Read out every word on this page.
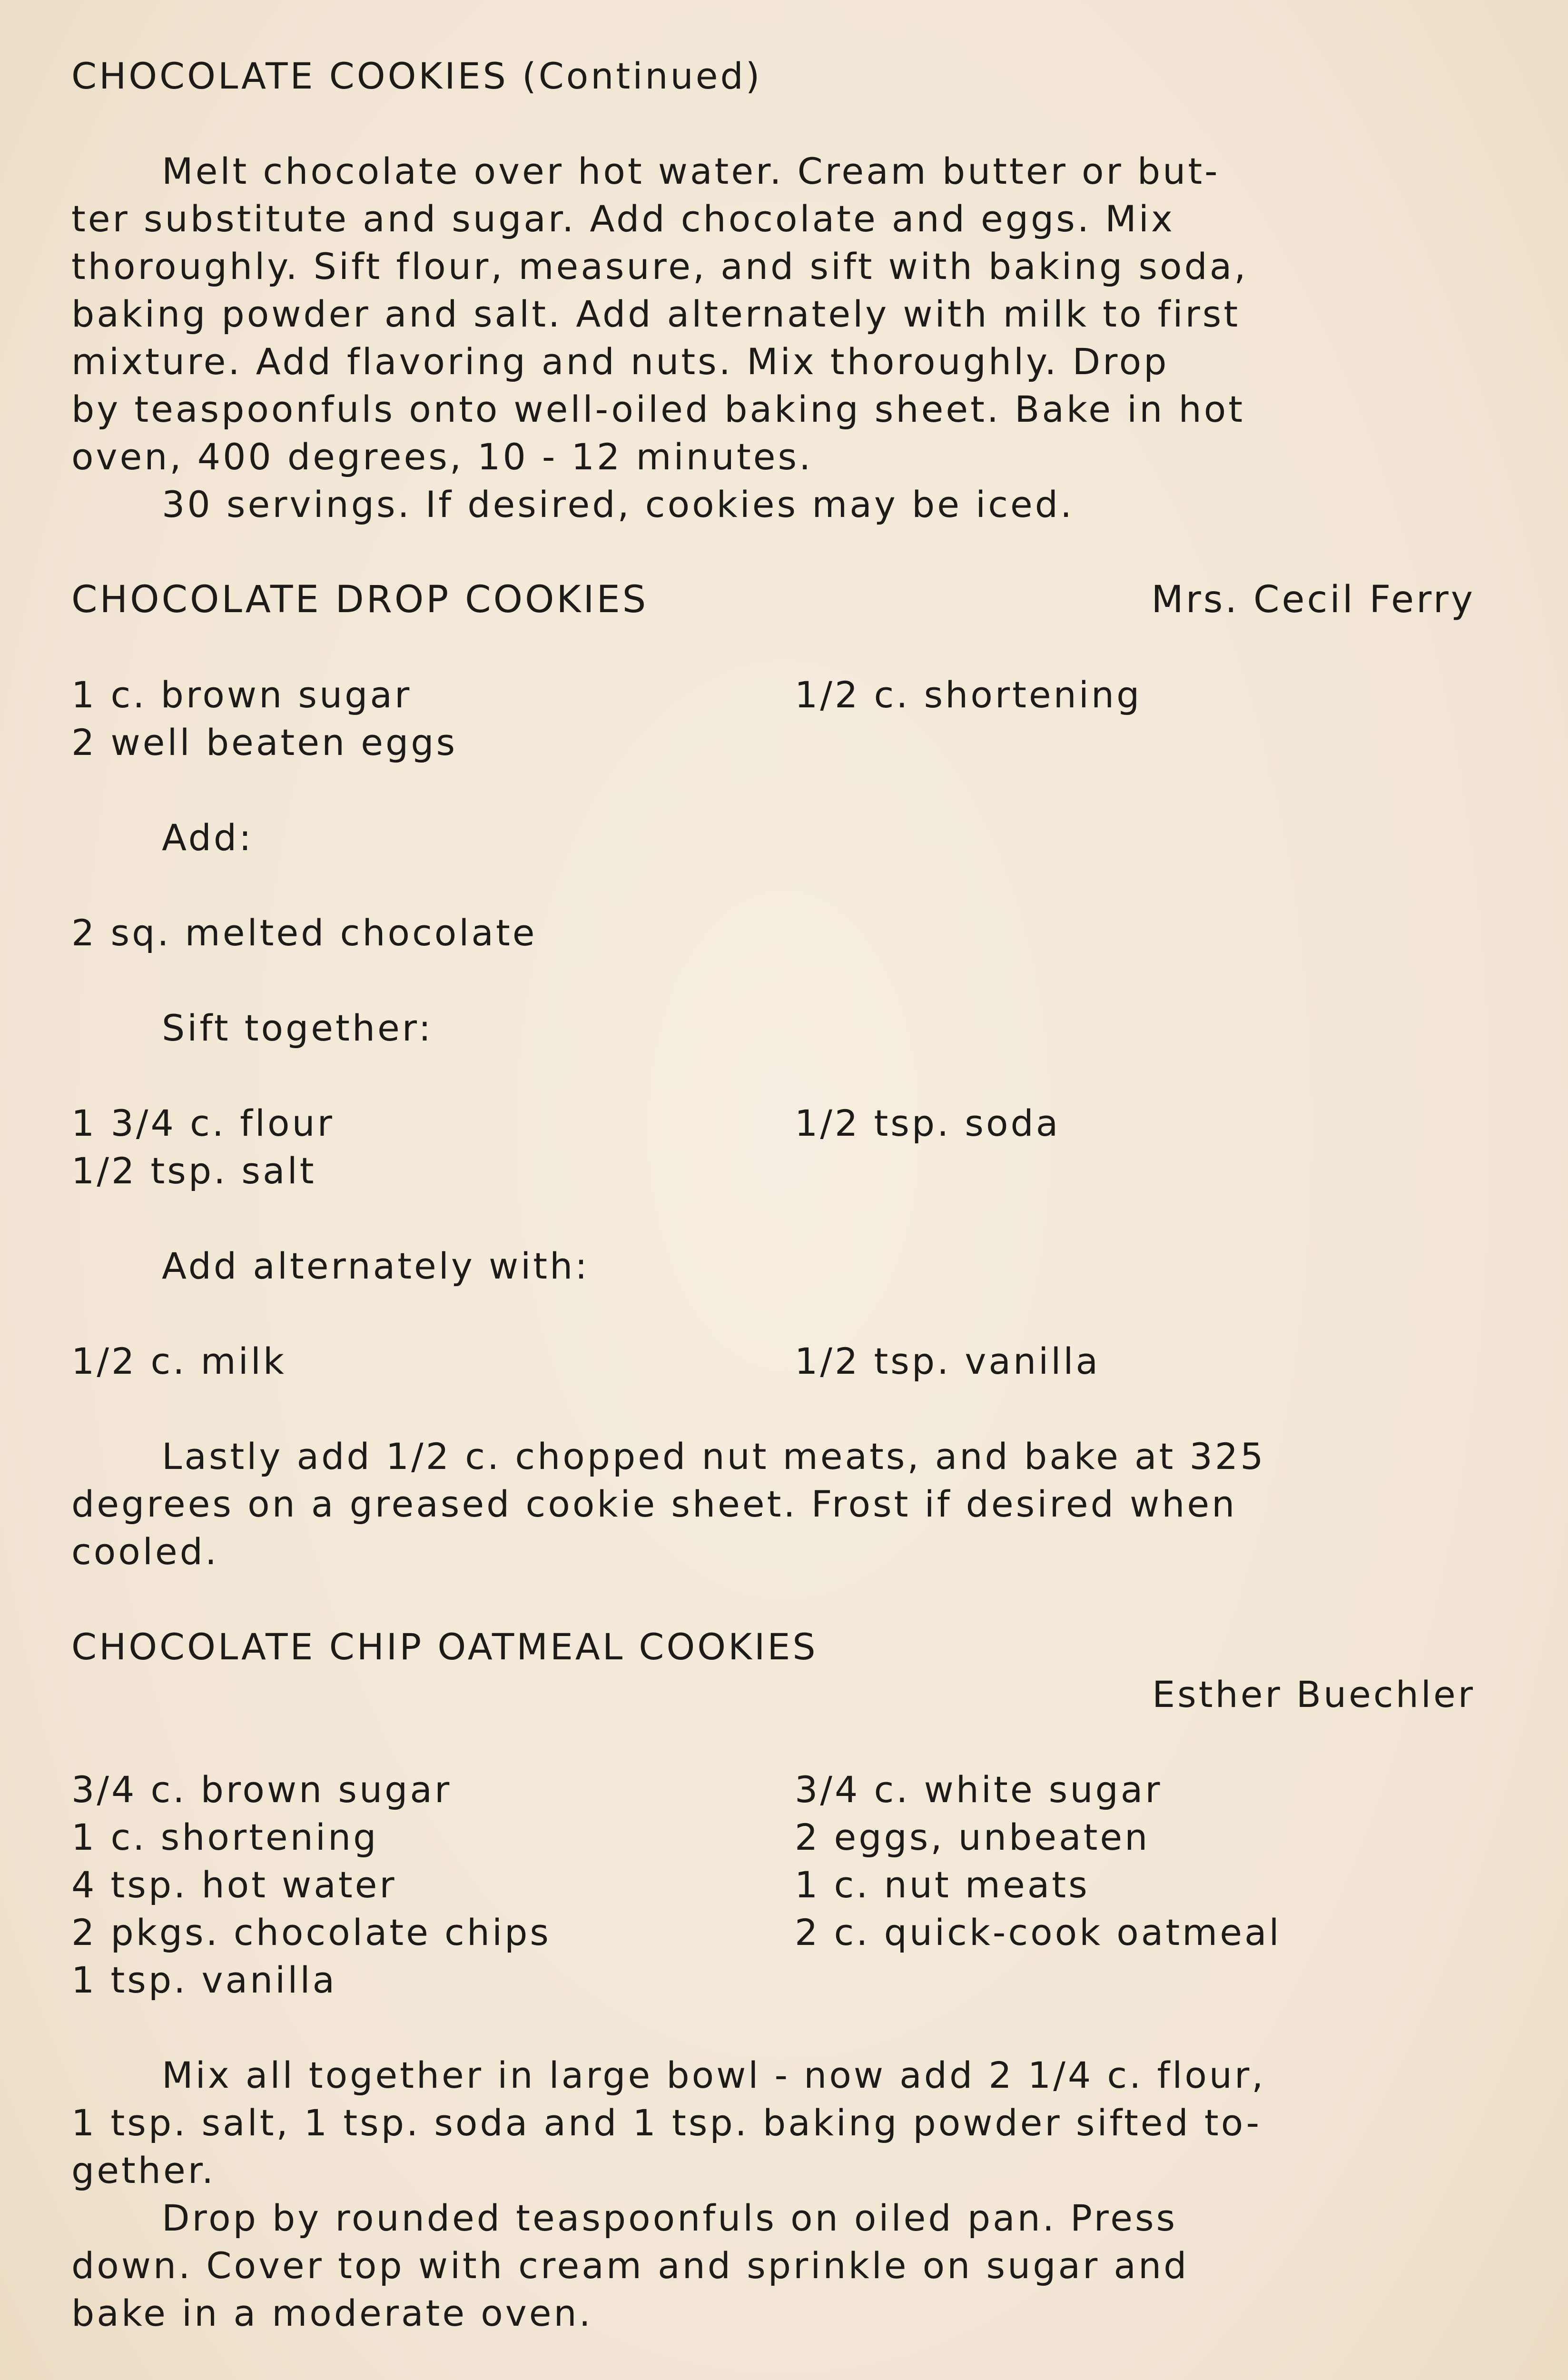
CHOCOLATE COOKIES (Continued)
Melt chocolate over hot water. Cream butter or but-
ter substitute and sugar. Add chocolate and eggs. Mix
thoroughly. Sift flour, measure, and sift with baking soda,
baking powder and salt. Add alternately with milk to first
mixture. Add flavoring and nuts. Mix thoroughly. Drop
by teaspoonfuls onto well-oiled baking sheet. Bake in hot
oven, 400 degrees, 10 - 12 minutes.
30 servings. If desired, cookies may be iced.
CHOCOLATE DROP COOKIES	Mrs. Cecil Ferry
1 c. brown sugar	1/2 c. shortening
2 well beaten eggs
Add:
2 sq. melted chocolate
Sift together:
1 3/4 c. flour	1/2 tsp. soda
1/2 tsp. salt
Add alternately with:
1/2 c. milk	1/2 tsp. vanilla
Lastly add 1/2 c. chopped nut meats, and bake at 325
degrees on a greased cookie sheet. Frost if desired when
cooled.
CHOCOLATE CHIP OATMEAL COOKIES
Esther Buechler
3/4 c. brown sugar	3/4 c. white sugar
1 c. shortening	2 eggs, unbeaten
4 tsp. hot water	1 c. nut meats
2 pkgs. chocolate chips	2 c. quick-cook oatmeal
1 tsp. vanilla
Mix all together in large bowl - now add 2 1/4 c. flour,
1 tsp. salt, 1 tsp. soda and 1 tsp. baking powder sifted to-
gether.
Drop by rounded teaspoonfuls on oiled pan. Press
down. Cover top with cream and sprinkle on sugar and
bake in a moderate oven.
